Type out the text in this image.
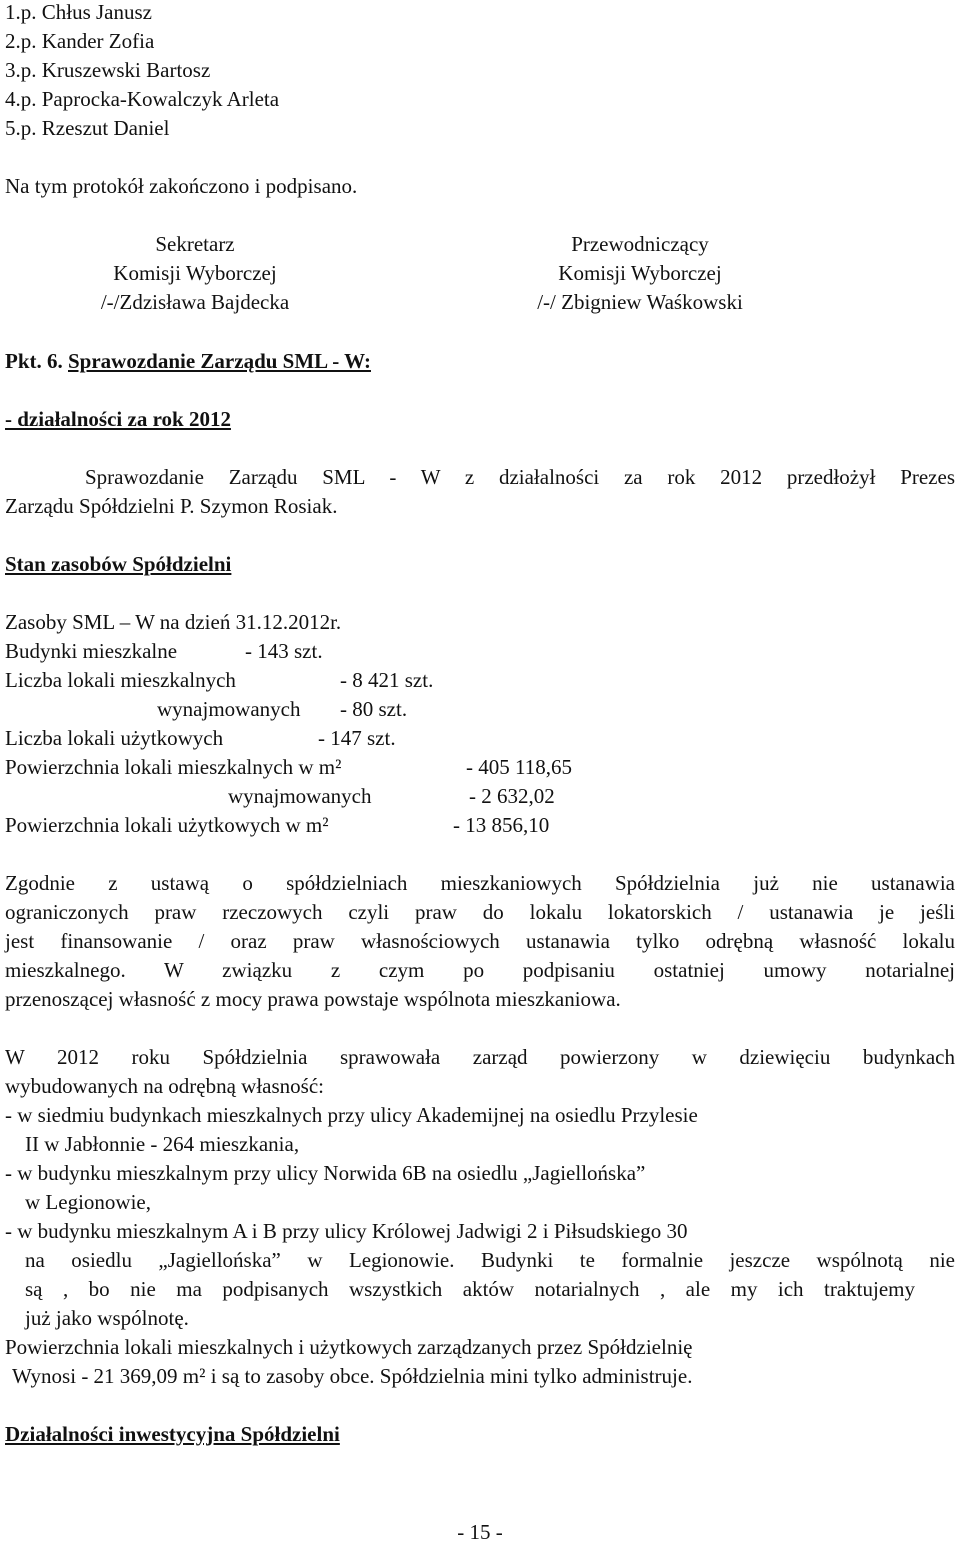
1.p. Chłus Janusz
2.p. Kander Zofia
3.p. Kruszewski Bartosz
4.p. Paprocka-Kowalczyk Arleta
5.p. Rzeszut Daniel
Na tym protokół zakończono i podpisano.
Sekretarz
Komisji Wyborczej
/-/Zdzisława Bajdecka
Przewodniczący
Komisji Wyborczej
/-/ Zbigniew Waśkowski
Pkt. 6. Sprawozdanie Zarządu SML - W:
- działalności za rok 2012
Sprawozdanie Zarządu SML - W z działalności za rok 2012 przedłożył Prezes
Zarządu Spółdzielni P. Szymon Rosiak.
Stan zasobów Spółdzielni
Zasoby SML – W na dzień 31.12.2012r.
Budynki mieszkalne	- 143 szt.
Liczba lokali mieszkalnych	- 8 421 szt.
wynajmowanych - 80 szt.
Liczba lokali użytkowych	- 147 szt.
Powierzchnia lokali mieszkalnych w m²	- 405 118,65
wynajmowanych	- 2 632,02
Powierzchnia lokali użytkowych w m²	- 13 856,10
Zgodnie z ustawą o spółdzielniach mieszkaniowych Spółdzielnia już nie ustanawia
ograniczonych praw rzeczowych czyli praw do lokalu lokatorskich / ustanawia je jeśli
jest finansowanie / oraz praw własnościowych ustanawia tylko odrębną własność lokalu
mieszkalnego. W związku z czym po podpisaniu ostatniej umowy notarialnej
przenoszącej własność z mocy prawa powstaje wspólnota mieszkaniowa.
W 2012 roku Spółdzielnia sprawowała zarząd powierzony w dziewięciu budynkach
wybudowanych na odrębną własność:
- w siedmiu budynkach mieszkalnych przy ulicy Akademijnej na osiedlu Przylesie
II w Jabłonnie - 264 mieszkania,
- w budynku mieszkalnym przy ulicy Norwida 6B na osiedlu „Jagiellońska”
w Legionowie,
- w budynku mieszkalnym A i B przy ulicy Królowej Jadwigi 2 i Piłsudskiego 30
na osiedlu „Jagiellońska” w Legionowie. Budynki te formalnie jeszcze wspólnotą nie
są , bo nie ma podpisanych wszystkich aktów notarialnych , ale my ich traktujemy
już jako wspólnotę.
Powierzchnia lokali mieszkalnych i użytkowych zarządzanych przez Spółdzielnię
Wynosi - 21 369,09 m² i są to zasoby obce. Spółdzielnia mini tylko administruje.
Działalności inwestycyjna Spółdzielni
- 15 -
